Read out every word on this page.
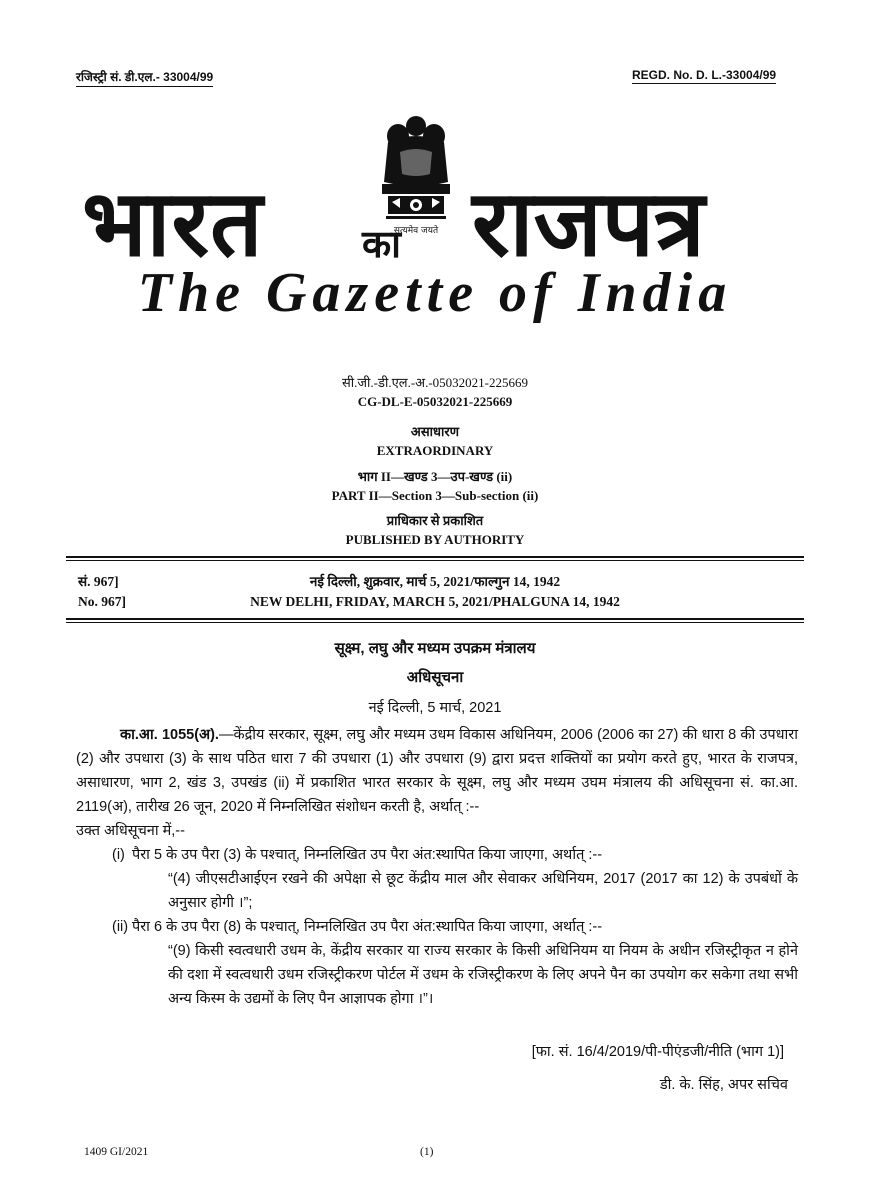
रजिस्ट्री सं. डी.एल.- 33004/99	REGD. No. D. L.-33004/99
सत्यमेव जयते
भारत	का राजपत्र
The Gazette of India
सी.जी.-डी.एल.-अ.-05032021-225669
CG-DL-E-05032021-225669
असाधारण
EXTRAORDINARY
भाग II—खण्ड 3—उप-खण्ड (ii)
PART II—Section 3—Sub-section (ii)
प्राधिकार से प्रकाशित
PUBLISHED BY AUTHORITY
सं. 967]	नई दिल्ली, शुक्रवार, मार्च 5, 2021/फाल्गुन 14, 1942
No. 967]	NEW DELHI, FRIDAY, MARCH 5, 2021/PHALGUNA 14, 1942
सूक्ष्म, लघु और मध्यम उपक्रम मंत्रालय
अधिसूचना
नई दिल्ली, 5 मार्च, 2021

का.आ. 1055(अ).—केंद्रीय सरकार, सूक्ष्म, लघु और मध्यम उधम विकास अधिनियम, 2006 (2006 का 27) की धारा 8 की उपधारा (2) और उपधारा (3) के साथ पठित धारा 7 की उपधारा (1) और उपधारा (9) द्वारा प्रदत्त शक्तियों का प्रयोग करते हुए, भारत के राजपत्र, असाधारण, भाग 2, खंड 3, उपखंड (ii) में प्रकाशित भारत सरकार के सूक्ष्म, लघु और मध्यम उघम मंत्रालय की अधिसूचना सं. का.आ. 2119(अ), तारीख 26 जून, 2020 में निम्नलिखित संशोधन करती है, अर्थात् :--

उक्त अधिसूचना में,--

(i) पैरा 5 के उप पैरा (3) के पश्चात्, निम्नलिखित उप पैरा अंत:स्थापित किया जाएगा, अर्थात् :--

“(4) जीएसटीआईएन रखने की अपेक्षा से छूट केंद्रीय माल और सेवाकर अधिनियम, 2017 (2017 का 12) के उपबंधों के अनुसार होगी ।”;

(ii) पैरा 6 के उप पैरा (8) के पश्चात्, निम्नलिखित उप पैरा अंत:स्थापित किया जाएगा, अर्थात् :--

“(9) किसी स्वत्वधारी उधम के, केंद्रीय सरकार या राज्य सरकार के किसी अधिनियम या नियम के अधीन रजिस्ट्रीकृत न होने की दशा में स्वत्वधारी उधम रजिस्ट्रीकरण पोर्टल में उधम के रजिस्ट्रीकरण के लिए अपने पैन का उपयोग कर सकेगा तथा सभी अन्य किस्म के उद्यमों के लिए पैन आज्ञापक होगा ।”।

[फा. सं. 16/4/2019/पी-पीएंडजी/नीति (भाग 1)]
डी. के. सिंह, अपर सचिव
1409 GI/2021	(1)
